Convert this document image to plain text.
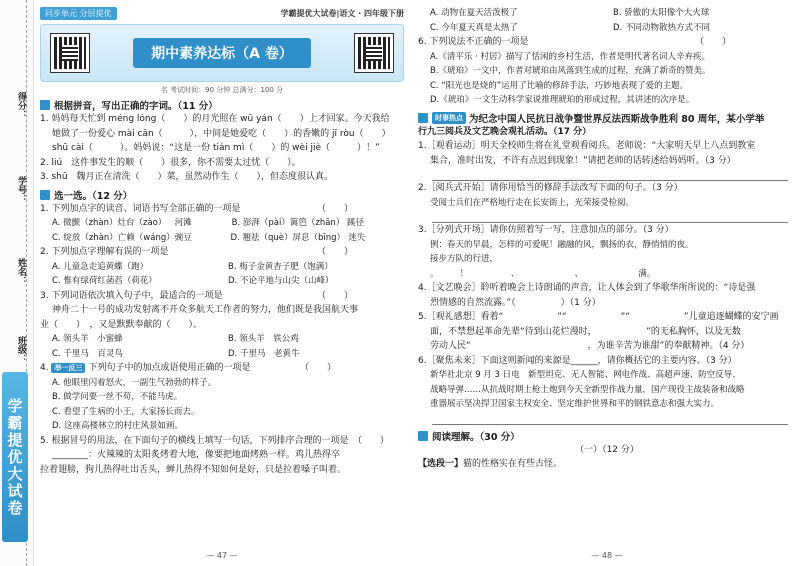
得分：
学号：
姓名：
班级：
学霸提优大试卷
同步单元 分层提优	学霸提优大试卷|语文 · 四年级下册
期中素养达标（A 卷）
名 考试时间：90 分钟 总满分：100 分
根据拼音，写出正确的字词。（11 分）
1. 妈妈每天忙到 méng lóng（　　）的月光照在 wū yán（　　）上才回家。今天我给
她做了一份爱心 mài cān（　　　），中间是她爱吃（　　）的香嫩的 jī ròu（　　）
shū cài（　　　）。妈妈说：“这是一份 tián mì（　　）的 wèi jiè（　　　）！”
2. liú　这件事发生的顺（　　）很多，你不需要太过忧（　　）。
3. shū　魏月正在清洗（　　）菜，虽然动作生（　　），但态度很认真。
选一选。（12 分）
1. 下列加点字的读音、词语书写全部正确的一项是　　　　　　　　　（　　）
A. 微颤（zhàn） 灶台（zào） 河滩	B. 澎湃（pài） 篱笆（zhān） 蹊径
C. 绽放（zhàn） 亡赖（wáng） 豌豆	D. 翘祛（què） 屏息（bīng） 迷失
2. 下列加点字理解有误的一项是　　　　　　　　　　　　　　　　　（　　）
A. 儿童急走追黄蝶（跑）	B. 梅子金黄杏子肥（饱满）
C. 惟有绿荷红菡萏（荷花）	D. 不论平地与山尖（山峰）
3. 下列词语依次填入句子中，最适合的一项是　　　　　　　　　　　（　　）
神舟二十一号的成功发射离不开众多航天工作者的努力，他们既是我国航天事
业（　　）　，又是默默奉献的（　　）。
A. 领头羊　小蜜蜂	B. 领头羊　铁公鸡
C. 千里马　百灵鸟	D. 千里马　老黄牛
4. 举一反三 下列句子中的加点成语使用正确的一项是　　　　　　（　　）
A. 他眼里闪着怒火，一副生气勃勃的样子。
B. 做学问要一丝不苟，不能马虎。
C. 看望了生病的小王，大家扬长而去。
D. 这座高楼林立的村庄风景如画。
5. 根据冒号的用法，在下面句子的横线上填写一句话，下列排序合理的一项是　（　　）
________：火辣辣的太阳炙烤着大地，像要把地面烤熟一样。鸡儿热得卒
拉着翅膀，狗儿热得吐出舌头，蝉儿热得不知如何是好，只是拉着嗓子叫着。
— 47 —
A. 动物在夏天活泼极了	B. 骄傲的太阳像个大火球
C. 今年夏天真是太热了	D. 不同动物散热方式不同
6. 下列说法不正确的一项是　　　　　　　　　　　　　　　　　　　（　　）
A.《清平乐 · 村居》描写了恬闲的乡村生活，作者是明代著名词人辛弃疾。
B.《琥珀》一文中，作者对琥珀由风落到生成的过程，充满了新奇的赞美。
C. “阳光也是烧的”运用了比喻的修辞手法，巧妙地表现了爱的主题。
D.《琥珀》一文生动科学家说推理琥珀的形成过程，其讲述的次序是。
时事热点 为纪念中国人民抗日战争暨世界反法西斯战争胜利 80 周年，某小学举
行九三阅兵及文艺晚会观礼活动。（17 分）
1.［观看运动］明天全校师生将在礼堂观看阅兵。老师说：“大家明天早上八点到教室
集合，准时出发，不许有点迟到现象！”请把老师的话转述给妈妈听。（3 分）
2.［阅兵式开始］请你用恰当的修辞手法改写下面的句子。（3 分）
受阅士兵们在严格地行走在长安街上，光荣接受检阅。
3.［分列式开场］请你仿照着写一写，注意加点的部分。（3 分）
例：春天的早晨，怎样的可爱呢！融融的风，飘扬的衣，静悄悄的夜。
接步方队的行进，
。　　　！　　　　　、　　　　　　　、　　　　　　　满。
4.［文艺晚会］聆听着晚会上诗朗诵的声音，让人体会到了华歌华所所说的：“诗是强
烈情感的自然流露。”（　　　　　）（1 分）
5.［观礼感想］看着“　　　　　　”“　　　　　　”“　　　　　　”儿童追逐蝴蝶的安宁画
面，不禁想起革命先辈“待到山花烂漫时，　　　　　　”的无私胸怀，以及无数
劳动人民“　　　　　　　　　　　　　，为谁辛苦为谁甜”的奉献精神。（4 分）
6.［聚焦未来］下面这则新闻的来源是______，请你概括它的主要内容。（3 分）
新华社北京 9 月 3 日电　新型坦克、无人智能、网电作战、高超声速、防空反导、
战略导弹……从抗战时期土枪土炮到今天全新型作战力量，国产现役主战装备和战略
重器展示坚决捍卫国家主权安全、坚定维护世界和平的钢铁意志和强大实力。
阅读理解。（30 分）
（一）（12 分）
【选段一】猫的性格实在有些古怪。
— 48 —
